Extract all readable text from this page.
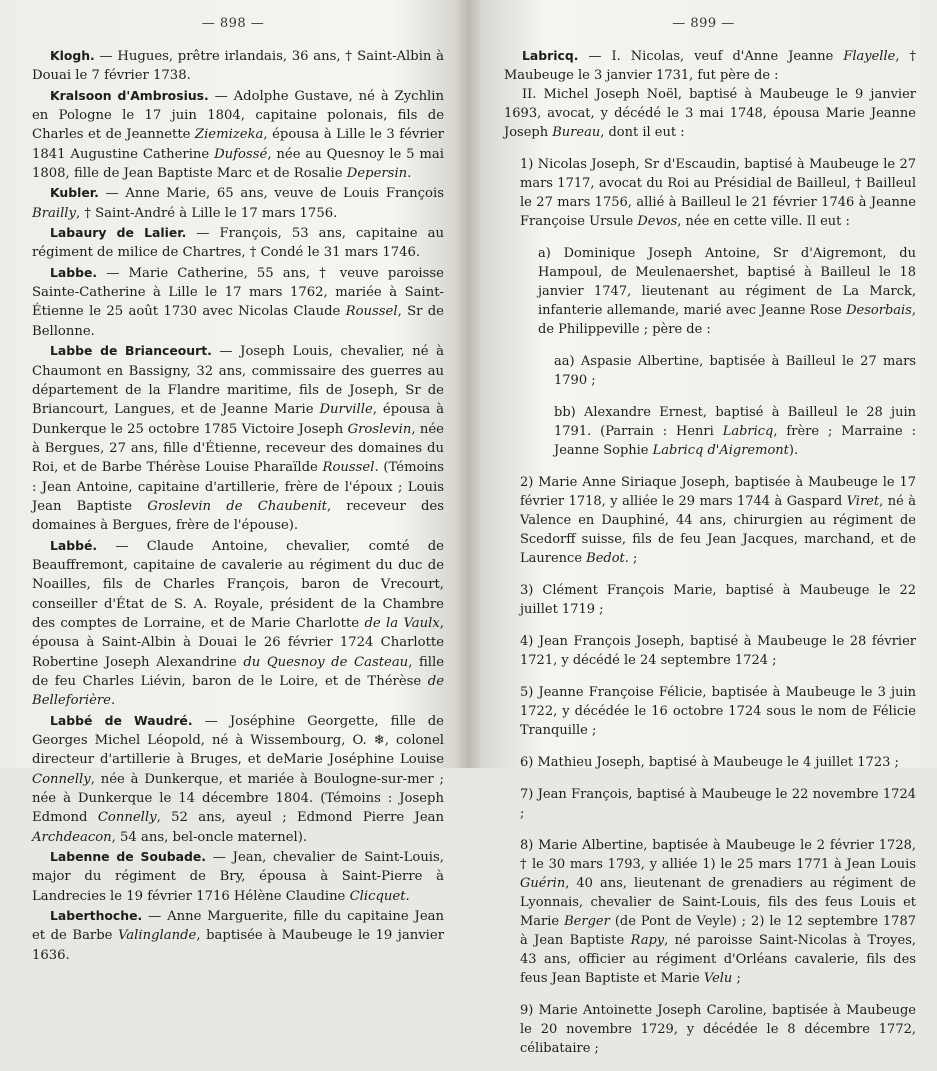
— 898 —

Klogh. — Hugues, prêtre irlandais, 36 ans, † Saint-Albin à Douai le 7 février 1738.

Kralsoon d'Ambrosius. — Adolphe Gustave, né à Zychlin en Pologne le 17 juin 1804, capitaine polonais, fils de Charles et de Jeannette Ziemizeka, épousa à Lille le 3 février 1841 Augustine Catherine Dufossé, née au Quesnoy le 5 mai 1808, fille de Jean Baptiste Marc et de Rosalie Depersin.

Kubler. — Anne Marie, 65 ans, veuve de Louis François Brailly, † Saint-André à Lille le 17 mars 1756.

Labaury de Lalier. — François, 53 ans, capitaine au régiment de milice de Chartres, † Condé le 31 mars 1746.

Labbe. — Marie Catherine, 55 ans, † veuve paroisse Sainte-Catherine à Lille le 17 mars 1762, mariée à Saint-Étienne le 25 août 1730 avec Nicolas Claude Roussel, Sr de Bellonne.

Labbe de Brianceourt. — Joseph Louis, chevalier, né à Chaumont en Bassigny, 32 ans, commissaire des guerres au département de la Flandre maritime, fils de Joseph, Sr de Briancourt, Langues, et de Jeanne Marie Durville, épousa à Dunkerque le 25 octobre 1785 Victoire Joseph Groslevin, née à Bergues, 27 ans, fille d'Étienne, receveur des domaines du Roi, et de Barbe Thérèse Louise Pharaïlde Roussel. (Témoins : Jean Antoine, capitaine d'artillerie, frère de l'époux ; Louis Jean Baptiste Groslevin de Chaubenit, receveur des domaines à Bergues, frère de l'épouse).

Labbé. — Claude Antoine, chevalier, comté de Beauffremont, capitaine de cavalerie au régiment du duc de Noailles, fils de Charles François, baron de Vrecourt, conseiller d'État de S. A. Royale, président de la Chambre des comptes de Lorraine, et de Marie Charlotte de la Vaulx, épousa à Saint-Albin à Douai le 26 février 1724 Charlotte Robertine Joseph Alexandrine du Quesnoy de Casteau, fille de feu Charles Liévin, baron de le Loire, et de Thérèse de Belleforière.

Labbé de Waudré. — Joséphine Georgette, fille de Georges Michel Léopold, né à Wissembourg, O. ❄, colonel directeur d'artillerie à Bruges, et deMarie Joséphine Louise Connelly, née à Dunkerque, et mariée à Boulogne-sur-mer ; née à Dunkerque le 14 décembre 1804. (Témoins : Joseph Edmond Connelly, 52 ans, ayeul ; Edmond Pierre Jean Archdeacon, 54 ans, bel-oncle maternel).

Labenne de Soubade. — Jean, chevalier de Saint-Louis, major du régiment de Bry, épousa à Saint-Pierre à Landrecies le 19 février 1716 Hélène Claudine Clicquet.

Laberthoche. — Anne Marguerite, fille du capitaine Jean et de Barbe Valinglande, baptisée à Maubeuge le 19 janvier 1636.

— 899 —

Labricq. — I. Nicolas, veuf d'Anne Jeanne Flayelle, † Maubeuge le 3 janvier 1731, fut père de :

II. Michel Joseph Noël, baptisé à Maubeuge le 9 janvier 1693, avocat, y décédé le 3 mai 1748, épousa Marie Jeanne Joseph Bureau, dont il eut :

1) Nicolas Joseph, Sr d'Escaudin, baptisé à Maubeuge le 27 mars 1717, avocat du Roi au Présidial de Bailleul, † Bailleul le 27 mars 1756, allié à Bailleul le 21 février 1746 à Jeanne Françoise Ursule Devos, née en cette ville. Il eut :

a) Dominique Joseph Antoine, Sr d'Aigremont, du Hampoul, de Meulenaershet, baptisé à Bailleul le 18 janvier 1747, lieutenant au régiment de La Marck, infanterie allemande, marié avec Jeanne Rose Desorbais, de Philippeville ; père de :

aa) Aspasie Albertine, baptisée à Bailleul le 27 mars 1790 ;

bb) Alexandre Ernest, baptisé à Bailleul le 28 juin 1791. (Parrain : Henri Labricq, frère ; Marraine : Jeanne Sophie Labricq d'Aigremont).

2) Marie Anne Siriaque Joseph, baptisée à Maubeuge le 17 février 1718, y alliée le 29 mars 1744 à Gaspard Viret, né à Valence en Dauphiné, 44 ans, chirurgien au régiment de Scedorff suisse, fils de feu Jean Jacques, marchand, et de Laurence Bedot. ;

3) Clément François Marie, baptisé à Maubeuge le 22 juillet 1719 ;

4) Jean François Joseph, baptisé à Maubeuge le 28 février 1721, y décédé le 24 septembre 1724 ;

5) Jeanne Françoise Félicie, baptisée à Maubeuge le 3 juin 1722, y décédée le 16 octobre 1724 sous le nom de Félicie Tranquille ;

6) Mathieu Joseph, baptisé à Maubeuge le 4 juillet 1723 ;

7) Jean François, baptisé à Maubeuge le 22 novembre 1724 ;

8) Marie Albertine, baptisée à Maubeuge le 2 février 1728, † le 30 mars 1793, y alliée 1) le 25 mars 1771 à Jean Louis Guérin, 40 ans, lieutenant de grenadiers au régiment de Lyonnais, chevalier de Saint-Louis, fils des feus Louis et Marie Berger (de Pont de Veyle) ; 2) le 12 septembre 1787 à Jean Baptiste Rapy, né paroisse Saint-Nicolas à Troyes, 43 ans, officier au régiment d'Orléans cavalerie, fils des feus Jean Baptiste et Marie Velu ;

9) Marie Antoinette Joseph Caroline, baptisée à Maubeuge le 20 novembre 1729, y décédée le 8 décembre 1772, célibataire ;
